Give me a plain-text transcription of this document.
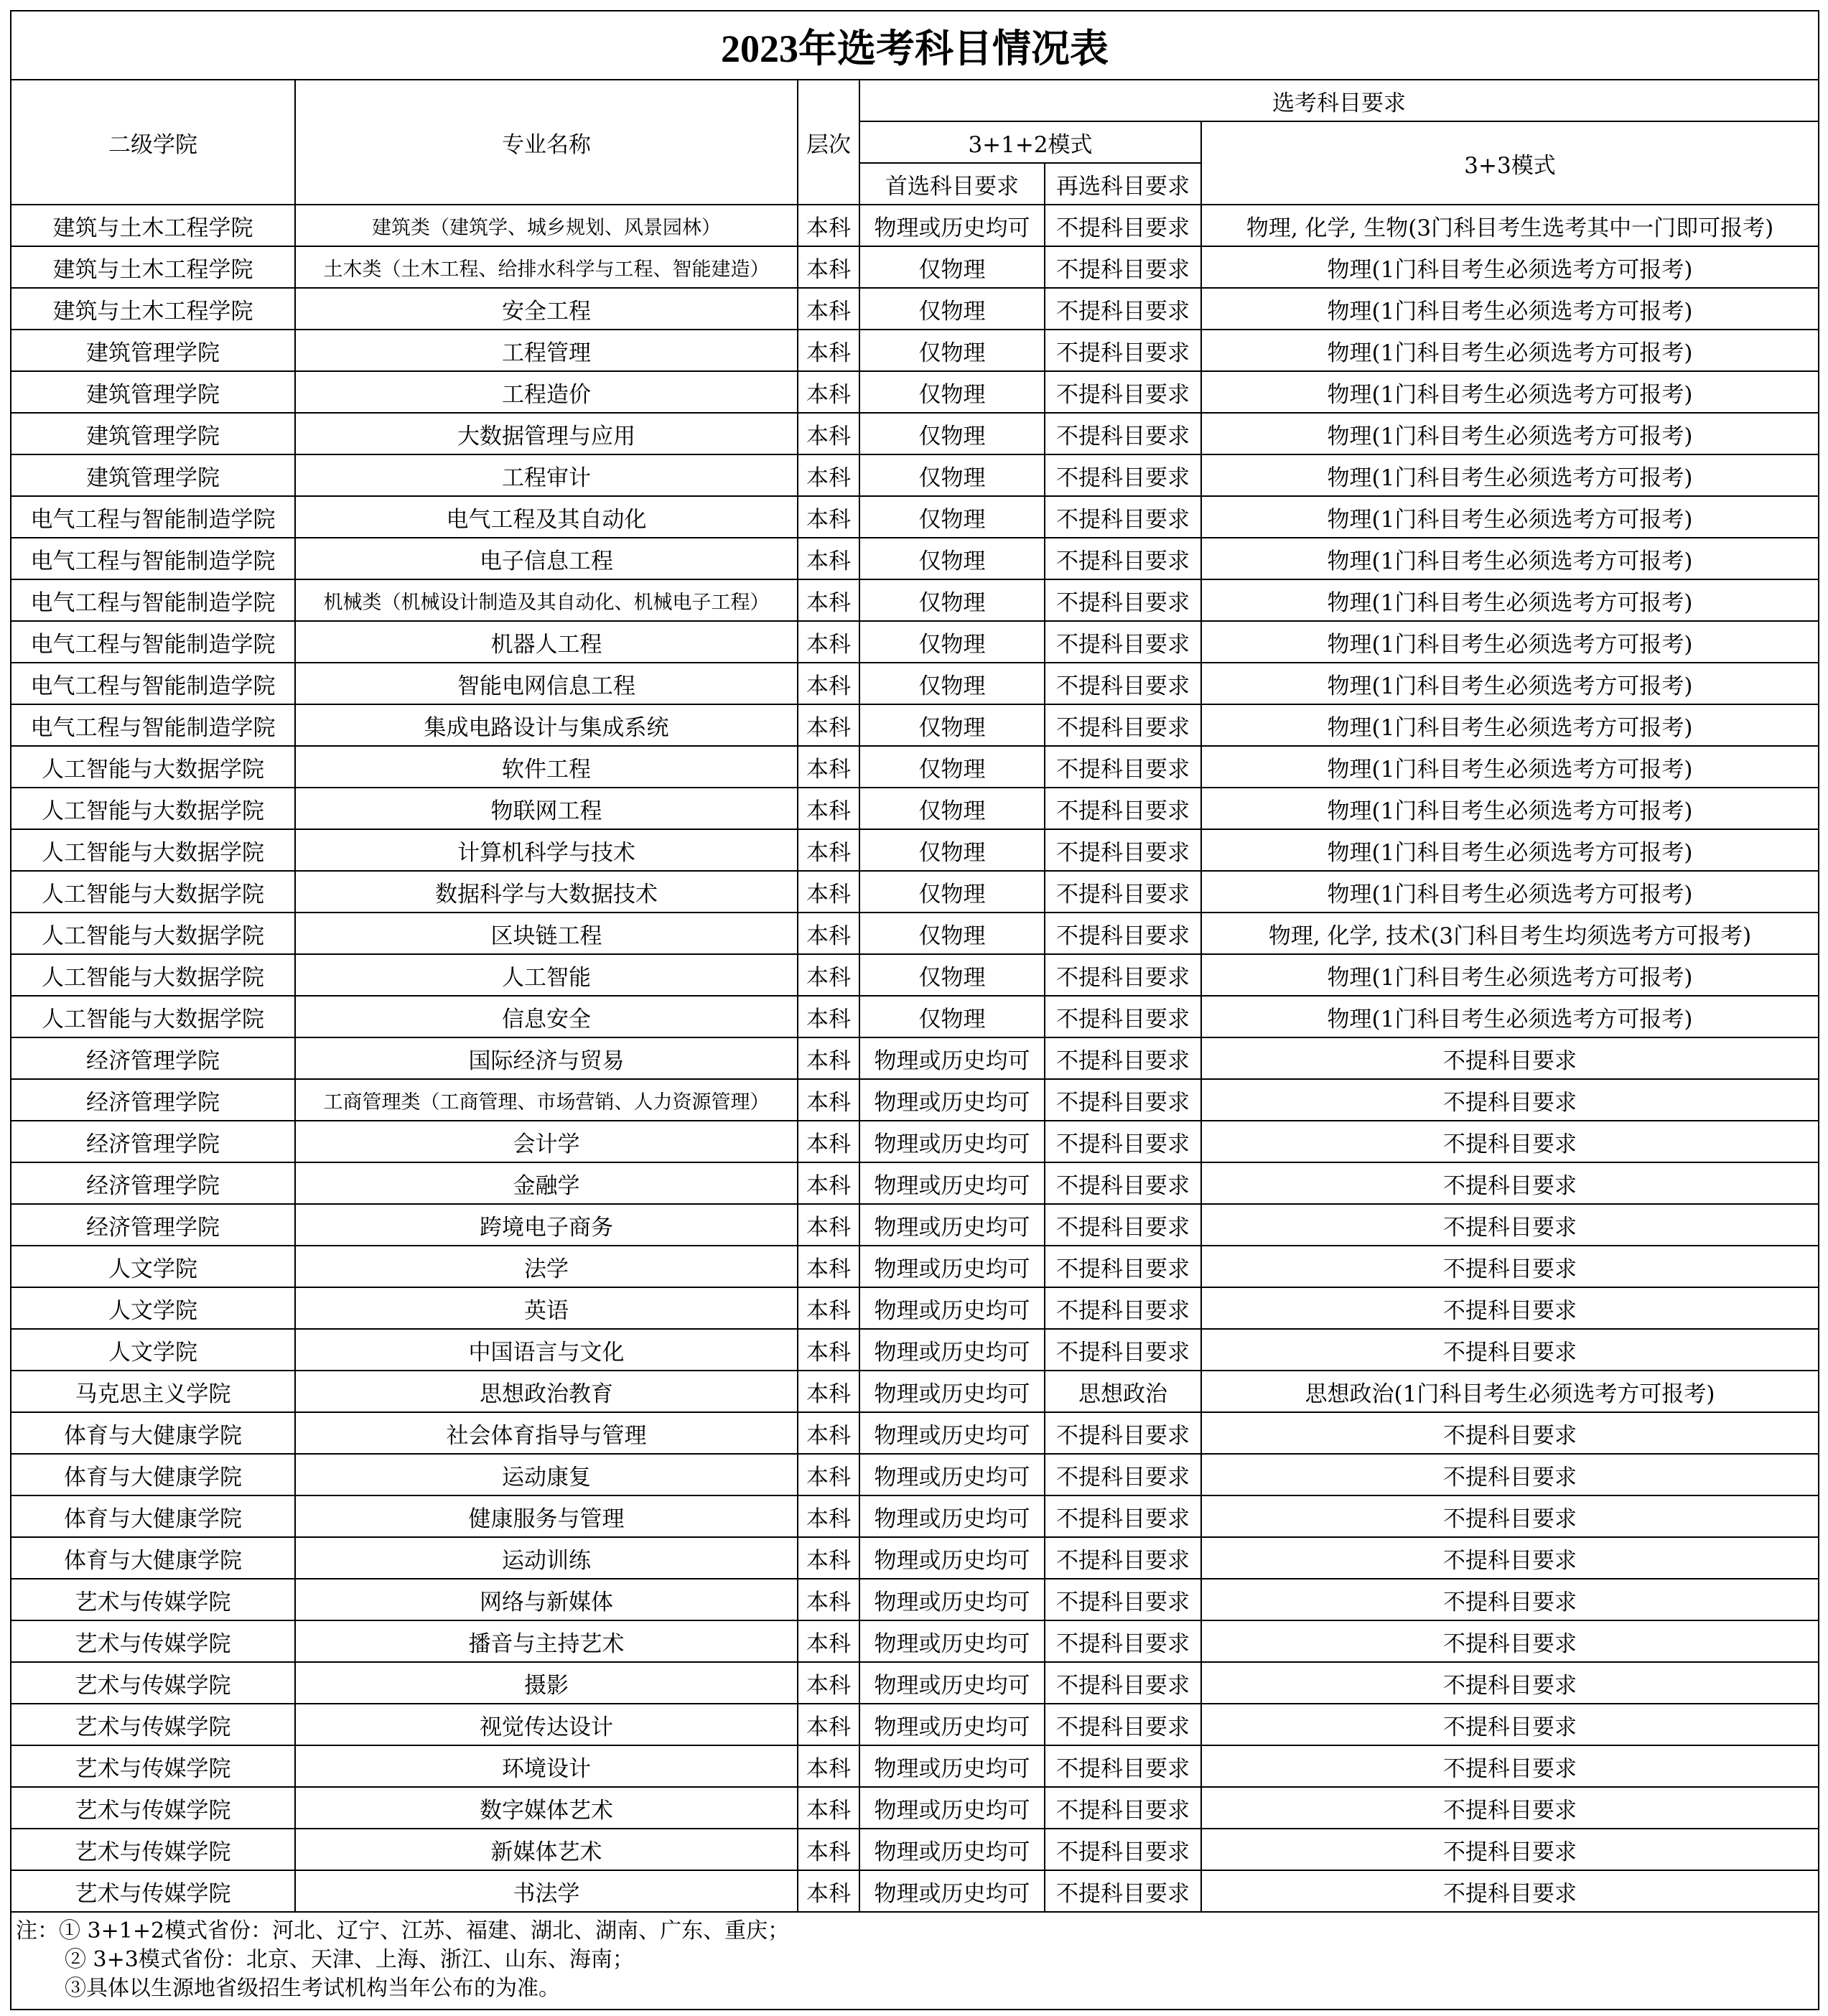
2023年选考科目情况表					
二级学院	专业名称	层次	选考科目要求		
			3+1+2模式		3+3模式
			首选科目要求	再选科目要求	
建筑与土木工程学院	建筑类（建筑学、城乡规划、风景园林）	本科	物理或历史均可	不提科目要求	物理, 化学, 生物(3门科目考生选考其中一门即可报考)
建筑与土木工程学院	土木类（土木工程、给排水科学与工程、智能建造）	本科	仅物理	不提科目要求	物理(1门科目考生必须选考方可报考)
建筑与土木工程学院	安全工程	本科	仅物理	不提科目要求	物理(1门科目考生必须选考方可报考)
建筑管理学院	工程管理	本科	仅物理	不提科目要求	物理(1门科目考生必须选考方可报考)
建筑管理学院	工程造价	本科	仅物理	不提科目要求	物理(1门科目考生必须选考方可报考)
建筑管理学院	大数据管理与应用	本科	仅物理	不提科目要求	物理(1门科目考生必须选考方可报考)
建筑管理学院	工程审计	本科	仅物理	不提科目要求	物理(1门科目考生必须选考方可报考)
电气工程与智能制造学院	电气工程及其自动化	本科	仅物理	不提科目要求	物理(1门科目考生必须选考方可报考)
电气工程与智能制造学院	电子信息工程	本科	仅物理	不提科目要求	物理(1门科目考生必须选考方可报考)
电气工程与智能制造学院	机械类（机械设计制造及其自动化、机械电子工程）	本科	仅物理	不提科目要求	物理(1门科目考生必须选考方可报考)
电气工程与智能制造学院	机器人工程	本科	仅物理	不提科目要求	物理(1门科目考生必须选考方可报考)
电气工程与智能制造学院	智能电网信息工程	本科	仅物理	不提科目要求	物理(1门科目考生必须选考方可报考)
电气工程与智能制造学院	集成电路设计与集成系统	本科	仅物理	不提科目要求	物理(1门科目考生必须选考方可报考)
人工智能与大数据学院	软件工程	本科	仅物理	不提科目要求	物理(1门科目考生必须选考方可报考)
人工智能与大数据学院	物联网工程	本科	仅物理	不提科目要求	物理(1门科目考生必须选考方可报考)
人工智能与大数据学院	计算机科学与技术	本科	仅物理	不提科目要求	物理(1门科目考生必须选考方可报考)
人工智能与大数据学院	数据科学与大数据技术	本科	仅物理	不提科目要求	物理(1门科目考生必须选考方可报考)
人工智能与大数据学院	区块链工程	本科	仅物理	不提科目要求	物理, 化学, 技术(3门科目考生均须选考方可报考)
人工智能与大数据学院	人工智能	本科	仅物理	不提科目要求	物理(1门科目考生必须选考方可报考)
人工智能与大数据学院	信息安全	本科	仅物理	不提科目要求	物理(1门科目考生必须选考方可报考)
经济管理学院	国际经济与贸易	本科	物理或历史均可	不提科目要求	不提科目要求
经济管理学院	工商管理类（工商管理、市场营销、人力资源管理）	本科	物理或历史均可	不提科目要求	不提科目要求
经济管理学院	会计学	本科	物理或历史均可	不提科目要求	不提科目要求
经济管理学院	金融学	本科	物理或历史均可	不提科目要求	不提科目要求
经济管理学院	跨境电子商务	本科	物理或历史均可	不提科目要求	不提科目要求
人文学院	法学	本科	物理或历史均可	不提科目要求	不提科目要求
人文学院	英语	本科	物理或历史均可	不提科目要求	不提科目要求
人文学院	中国语言与文化	本科	物理或历史均可	不提科目要求	不提科目要求
马克思主义学院	思想政治教育	本科	物理或历史均可	思想政治	思想政治(1门科目考生必须选考方可报考)
体育与大健康学院	社会体育指导与管理	本科	物理或历史均可	不提科目要求	不提科目要求
体育与大健康学院	运动康复	本科	物理或历史均可	不提科目要求	不提科目要求
体育与大健康学院	健康服务与管理	本科	物理或历史均可	不提科目要求	不提科目要求
体育与大健康学院	运动训练	本科	物理或历史均可	不提科目要求	不提科目要求
艺术与传媒学院	网络与新媒体	本科	物理或历史均可	不提科目要求	不提科目要求
艺术与传媒学院	播音与主持艺术	本科	物理或历史均可	不提科目要求	不提科目要求
艺术与传媒学院	摄影	本科	物理或历史均可	不提科目要求	不提科目要求
艺术与传媒学院	视觉传达设计	本科	物理或历史均可	不提科目要求	不提科目要求
艺术与传媒学院	环境设计	本科	物理或历史均可	不提科目要求	不提科目要求
艺术与传媒学院	数字媒体艺术	本科	物理或历史均可	不提科目要求	不提科目要求
艺术与传媒学院	新媒体艺术	本科	物理或历史均可	不提科目要求	不提科目要求
艺术与传媒学院	书法学	本科	物理或历史均可	不提科目要求	不提科目要求

注：① 3+1+2模式省份：河北、辽宁、江苏、福建、湖北、湖南、广东、重庆；
② 3+3模式省份：北京、天津、上海、浙江、山东、海南；
③具体以生源地省级招生考试机构当年公布的为准。					
